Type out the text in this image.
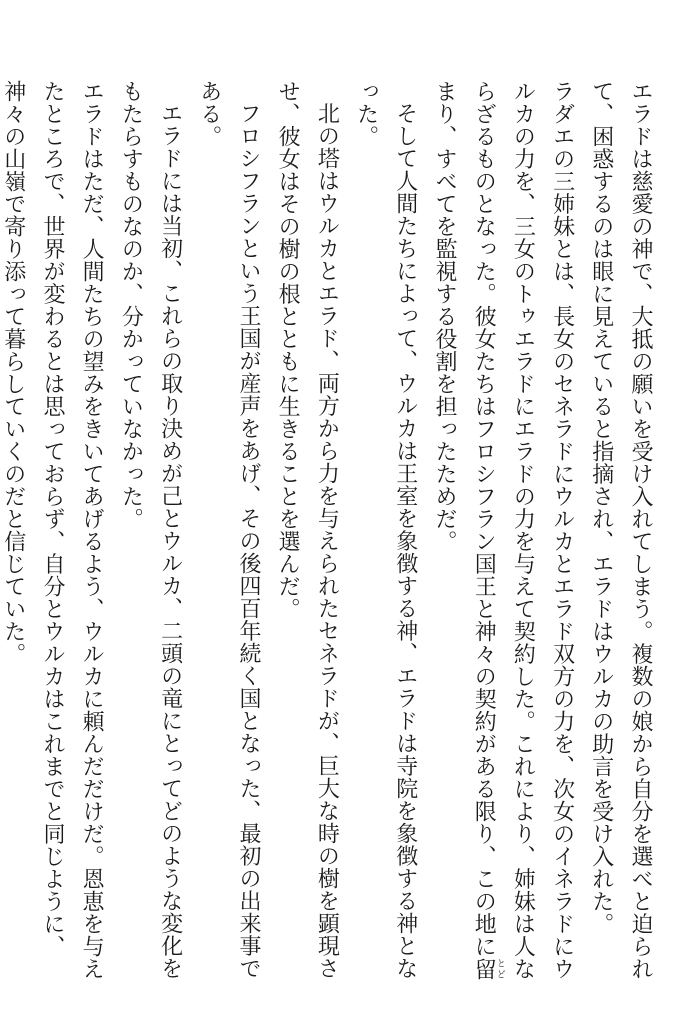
エラドは慈愛の神で、大抵の願いを受け入れてしまう。複数の娘から自分を選べと迫られて、困惑するのは眼に見えていると指摘され、エラドはウルカの助言を受け入れた。

ラダエの三姉妹とは、長女のセネラドにウルカとエラド双方の力を、次女のイネラドにウルカの力を、三女のトゥエラドにエラドの力を与えて契約した。これにより、姉妹は人ならざるものとなった。彼女たちはフロシフラン国王と神々の契約がある限り、この地に留とどまり、すべてを監視する役割を担ったためだ。

そして人間たちによって、ウルカは王室を象徴する神、エラドは寺院を象徴する神となった。

北の塔はウルカとエラド、両方から力を与えられたセネラドが、巨大な時の樹を顕現させ、彼女はその樹の根とともに生きることを選んだ。

フロシフランという王国が産声をあげ、その後四百年続く国となった、最初の出来事である。

エラドには当初、これらの取り決めが己とウルカ、二頭の竜にとってどのような変化をもたらすものなのか、分かっていなかった。

エラドはただ、人間たちの望みをきいてあげるよう、ウルカに頼んだだけだ。恩恵を与えたところで、世界が変わるとは思っておらず、自分とウルカはこれまでと同じように、神々の山嶺で寄り添って暮らしていくのだと信じていた。
